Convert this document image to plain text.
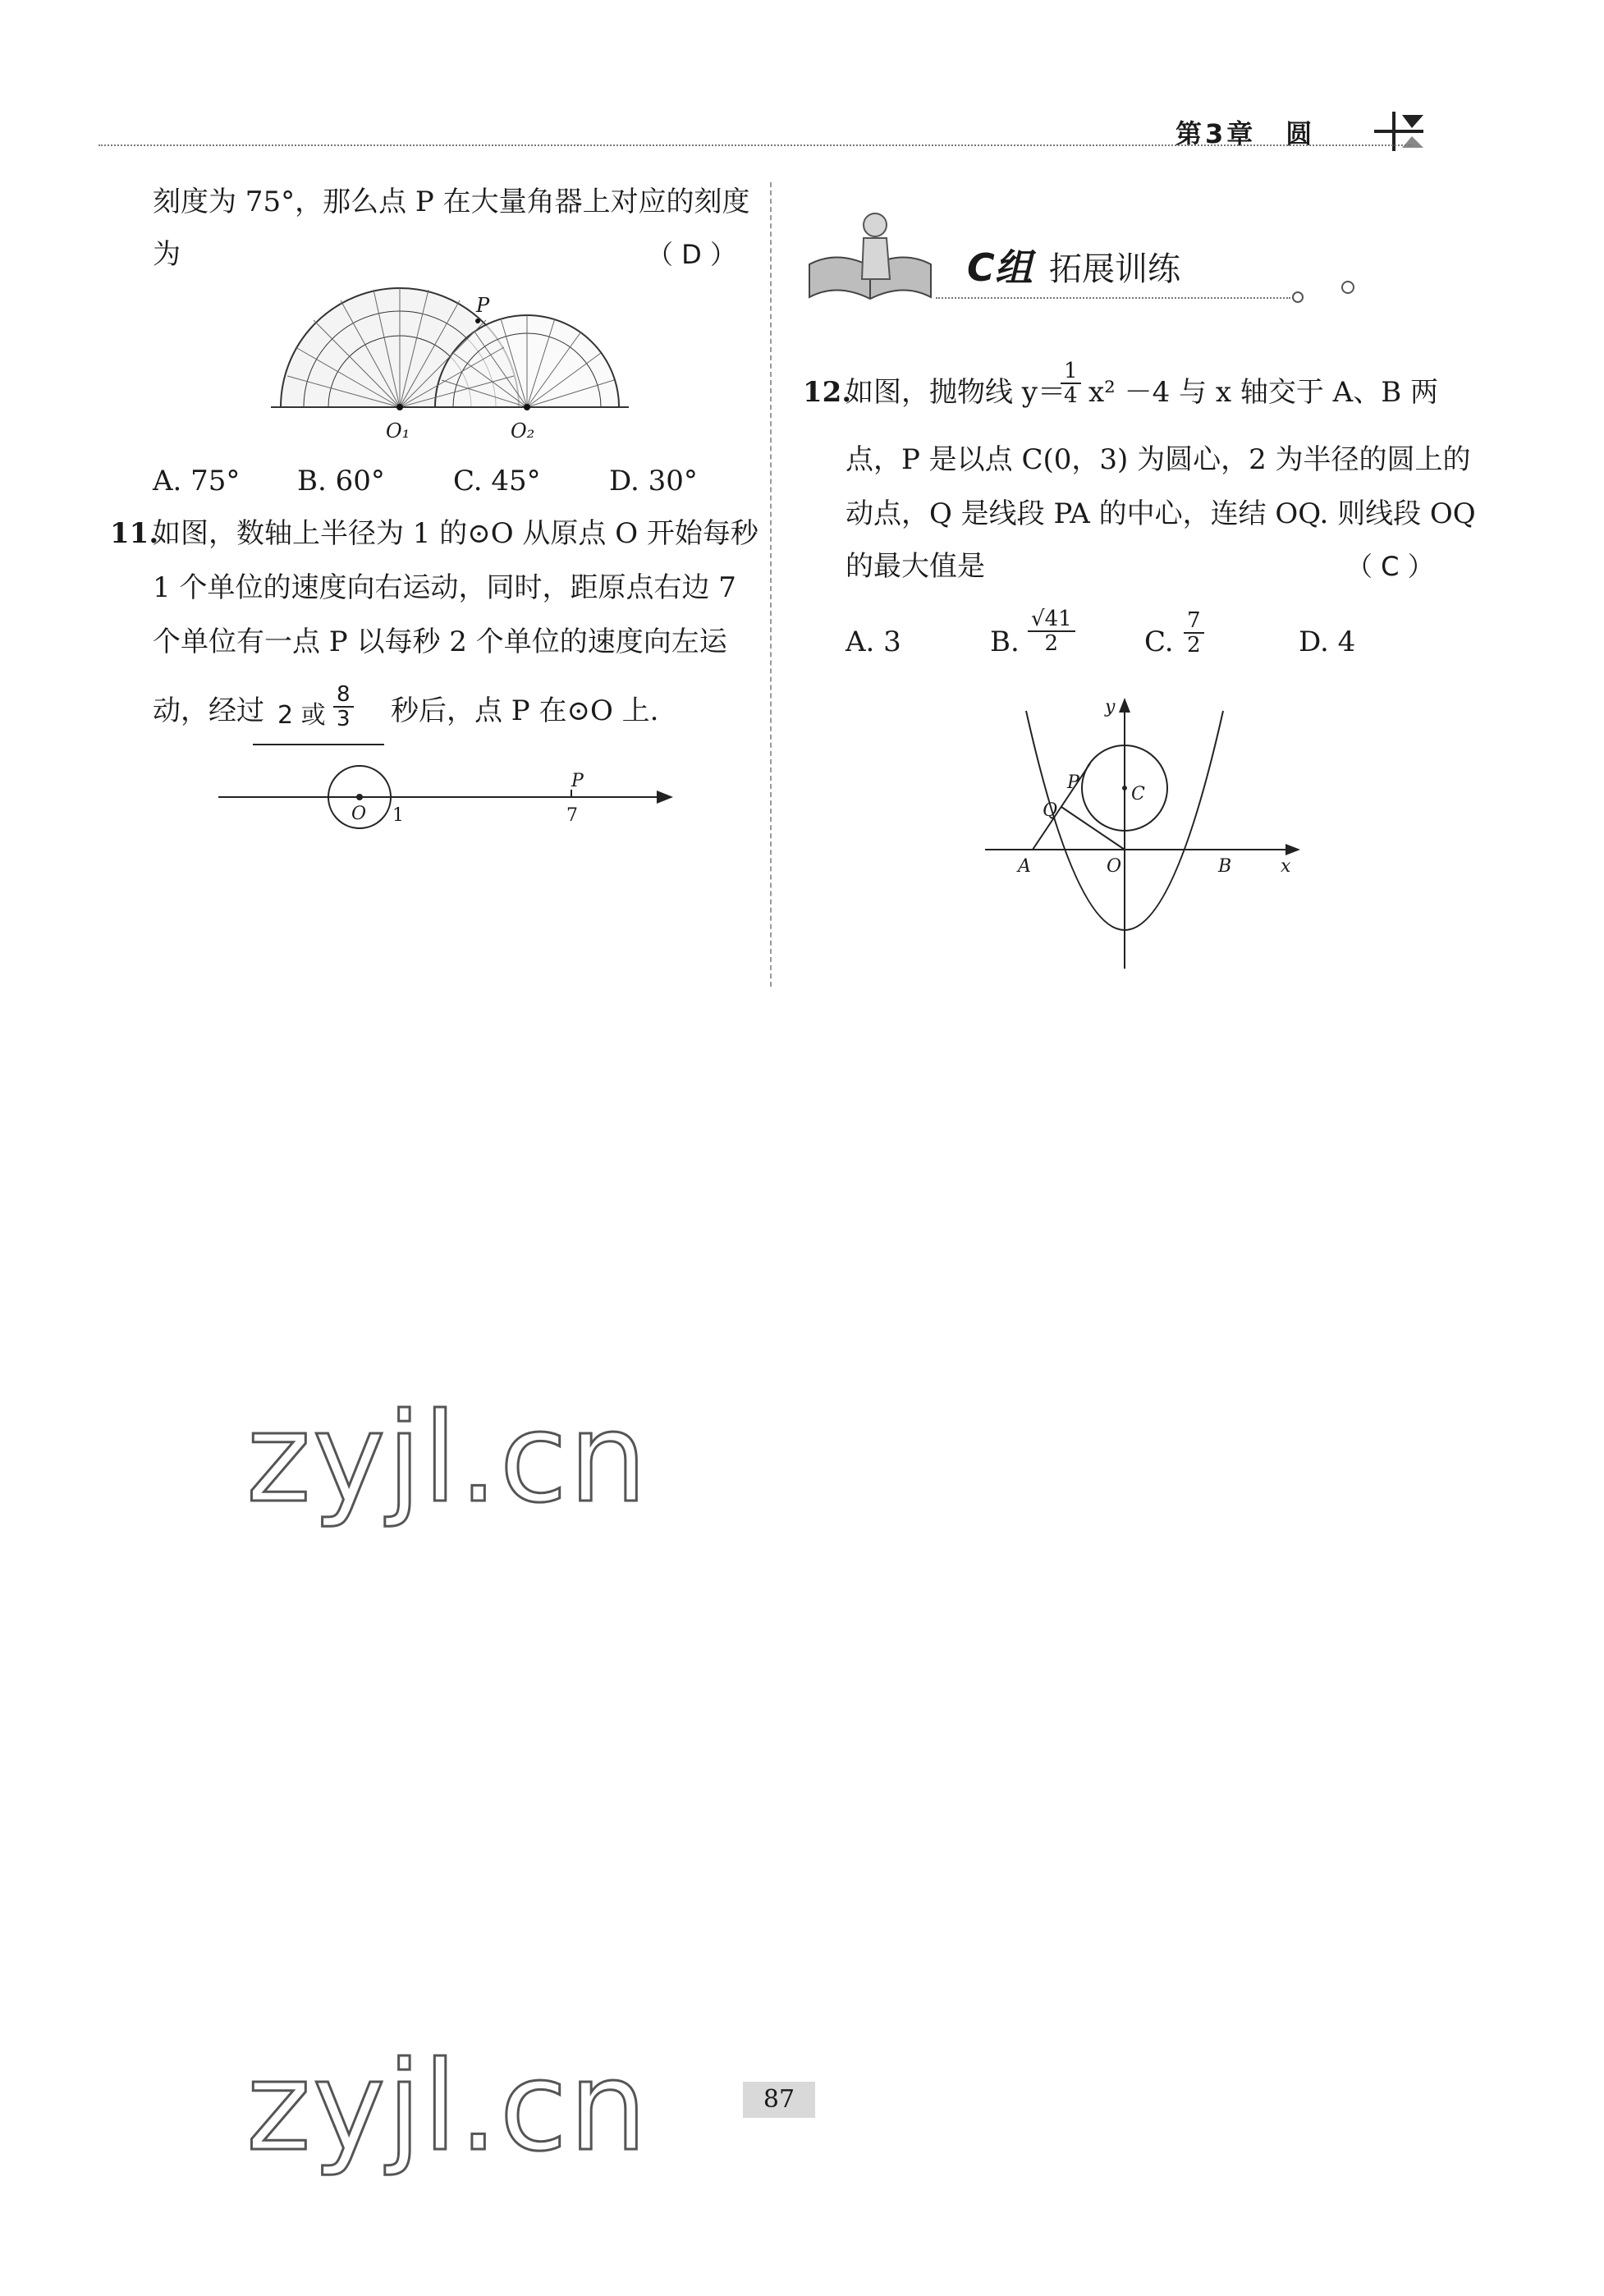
第3章　圆
刻度为 75°，那么点 P 在大量角器上对应的刻度
为	（ D ）
P
O₁	O₂
A. 75° B. 60° C. 45° D. 30°
11.
如图，数轴上半径为 1 的⊙O 从原点 O 开始每秒
1 个单位的速度向右运动，同时，距原点右边 7
个单位有一点 P 以每秒 2 个单位的速度向左运
动，经过 2 或 $\frac{8}{3}$ 秒后，点 P 在⊙O 上.
O 1
P
7
C组 拓展训练
12.
如图，抛物线 y＝
$\frac{1}{4} x^2 -4$ 与 x 轴交于 A、B 两
点，P 是以点 C(0，3) 为圆心，2 为半径的圆上的
动点，Q 是线段 PA 的中心，连结 OQ. 则线段 OQ
的最大值是	（ C ）
A. 3	B. $\frac{√41}{2} C$. $\frac{7}{2}$	D. 4
y
x
O
A	B
C
P
Q
zyjl.cn
zyjl.cn	87
